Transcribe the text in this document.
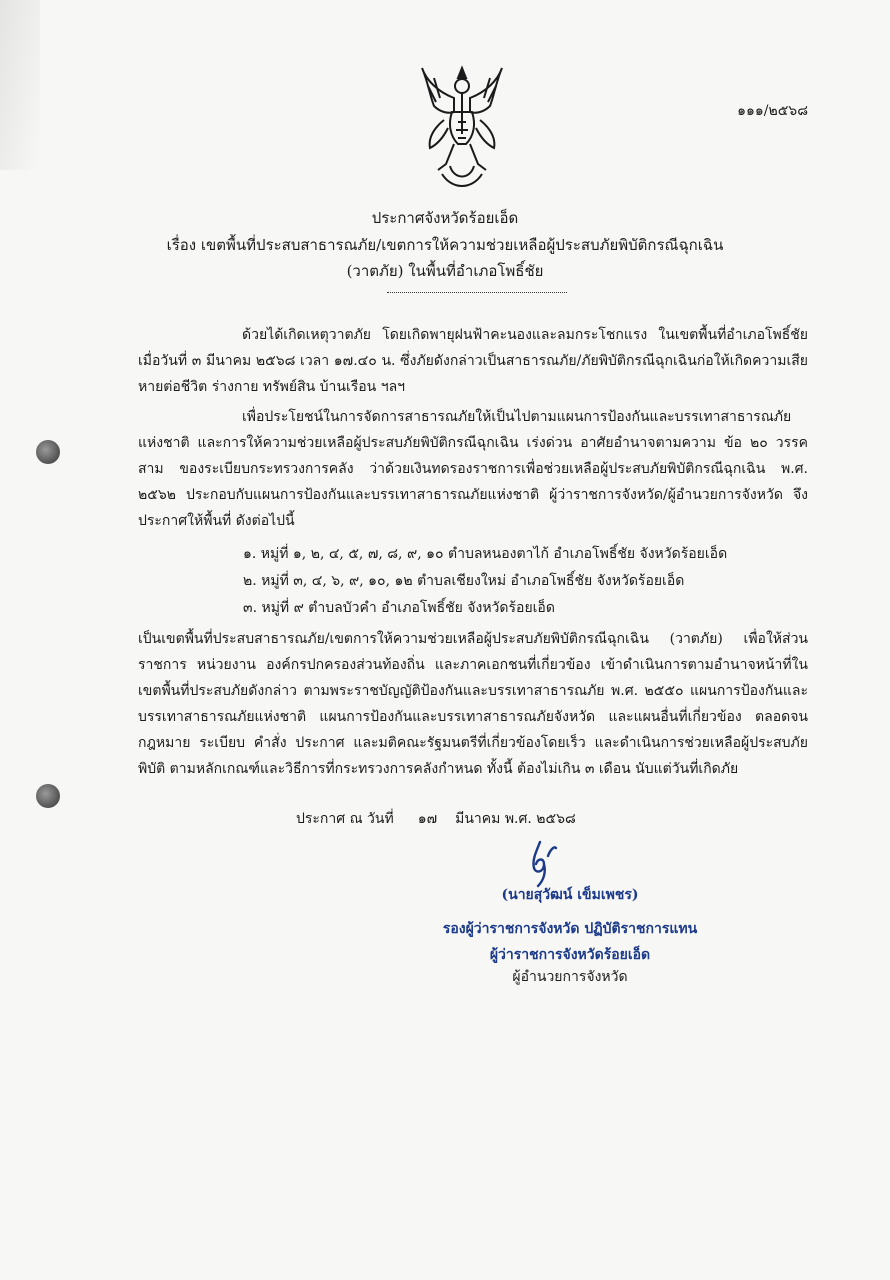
๑๑๑/๒๕๖๘
ประกาศจังหวัดร้อยเอ็ด
เรื่อง เขตพื้นที่ประสบสาธารณภัย/เขตการให้ความช่วยเหลือผู้ประสบภัยพิบัติกรณีฉุกเฉิน
(วาตภัย) ในพื้นที่อำเภอโพธิ์ชัย
ด้วยได้เกิดเหตุวาตภัย โดยเกิดพายุฝนฟ้าคะนองและลมกระโชกแรง ในเขตพื้นที่อำเภอโพธิ์ชัย เมื่อวันที่ ๓ มีนาคม ๒๕๖๘ เวลา ๑๗.๔๐ น. ซึ่งภัยดังกล่าวเป็นสาธารณภัย/ภัยพิบัติกรณีฉุกเฉินก่อให้เกิดความเสียหายต่อชีวิต ร่างกาย ทรัพย์สิน บ้านเรือน ฯลฯ
เพื่อประโยชน์ในการจัดการสาธารณภัยให้เป็นไปตามแผนการป้องกันและบรรเทาสาธารณภัยแห่งชาติ และการให้ความช่วยเหลือผู้ประสบภัยพิบัติกรณีฉุกเฉิน เร่งด่วน อาศัยอำนาจตามความ ข้อ ๒๐ วรรคสาม ของระเบียบกระทรวงการคลัง ว่าด้วยเงินทดรองราชการเพื่อช่วยเหลือผู้ประสบภัยพิบัติกรณีฉุกเฉิน พ.ศ. ๒๕๖๒ ประกอบกับแผนการป้องกันและบรรเทาสาธารณภัยแห่งชาติ ผู้ว่าราชการจังหวัด/ผู้อำนวยการจังหวัด จึงประกาศให้พื้นที่ ดังต่อไปนี้
๑. หมู่ที่ ๑, ๒, ๔, ๕, ๗, ๘, ๙, ๑๐ ตำบลหนองตาไก้ อำเภอโพธิ์ชัย จังหวัดร้อยเอ็ด
๒. หมู่ที่ ๓, ๔, ๖, ๙, ๑๐, ๑๒ ตำบลเชียงใหม่ อำเภอโพธิ์ชัย จังหวัดร้อยเอ็ด
๓. หมู่ที่ ๙ ตำบลบัวคำ อำเภอโพธิ์ชัย จังหวัดร้อยเอ็ด
เป็นเขตพื้นที่ประสบสาธารณภัย/เขตการให้ความช่วยเหลือผู้ประสบภัยพิบัติกรณีฉุกเฉิน (วาตภัย) เพื่อให้ส่วนราชการ หน่วยงาน องค์กรปกครองส่วนท้องถิ่น และภาคเอกชนที่เกี่ยวข้อง เข้าดำเนินการตามอำนาจหน้าที่ในเขตพื้นที่ประสบภัยดังกล่าว ตามพระราชบัญญัติป้องกันและบรรเทาสาธารณภัย พ.ศ. ๒๕๕๐ แผนการป้องกันและบรรเทาสาธารณภัยแห่งชาติ แผนการป้องกันและบรรเทาสาธารณภัยจังหวัด และแผนอื่นที่เกี่ยวข้อง ตลอดจนกฎหมาย ระเบียบ คำสั่ง ประกาศ และมติคณะรัฐมนตรีที่เกี่ยวข้องโดยเร็ว และดำเนินการช่วยเหลือผู้ประสบภัยพิบัติ ตามหลักเกณฑ์และวิธีการที่กระทรวงการคลังกำหนด ทั้งนี้ ต้องไม่เกิน ๓ เดือน นับแต่วันที่เกิดภัย
ประกาศ ณ วันที่ ๑๗ มีนาคม พ.ศ. ๒๕๖๘
(นายสุวัฒน์ เข็มเพชร)
รองผู้ว่าราชการจังหวัด ปฏิบัติราชการแทน
ผู้ว่าราชการจังหวัดร้อยเอ็ด
ผู้อำนวยการจังหวัด
